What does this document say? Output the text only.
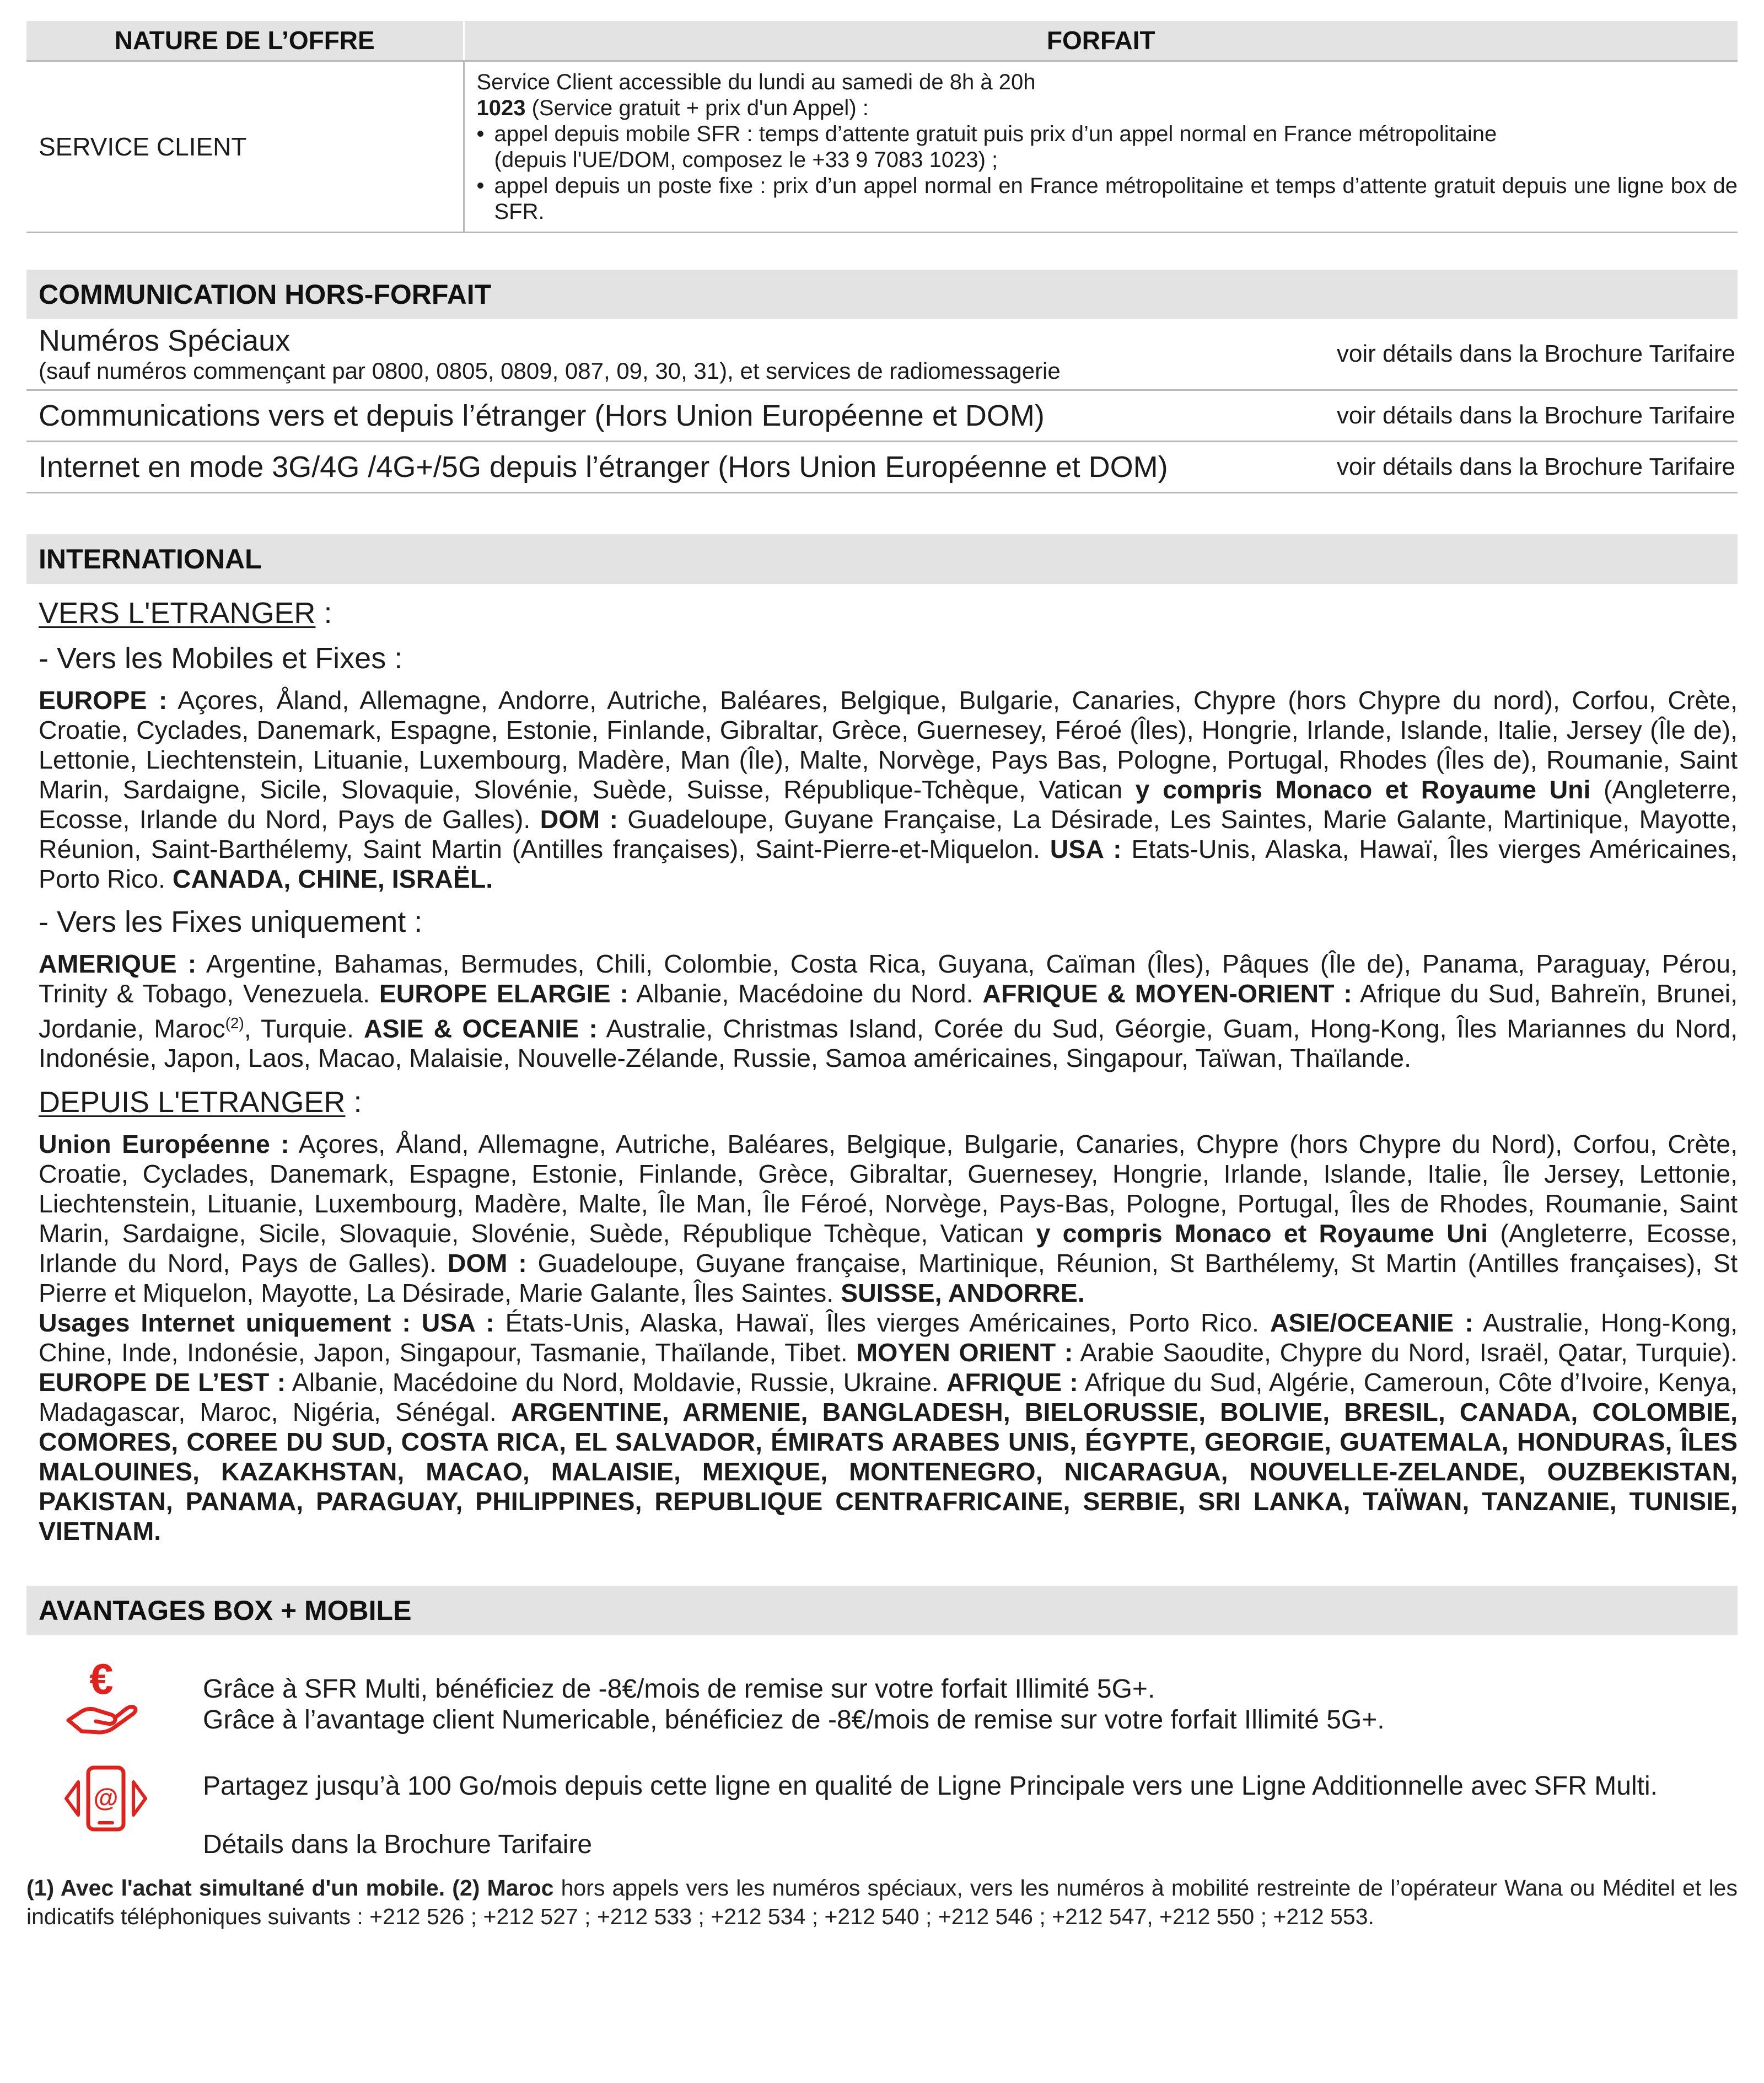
NATURE DE L’OFFRE	FORFAIT
SERVICE CLIENT	Service Client accessible du lundi au samedi de 8h à 20h
1023 (Service gratuit + prix d'un Appel) :
• appel depuis mobile SFR : temps d’attente gratuit puis prix d’un appel normal en France métropolitaine
(depuis l'UE/DOM, composez le +33 9 7083 1023) ;
• appel depuis un poste fixe : prix d’un appel normal en France métropolitaine et temps d’attente gratuit depuis une ligne box de SFR.
COMMUNICATION HORS-FORFAIT
Numéros Spéciaux
(sauf numéros commençant par 0800, 0805, 0809, 087, 09, 30, 31), et services de radiomessagerie
voir détails dans la Brochure Tarifaire
Communications vers et depuis l’étranger (Hors Union Européenne et DOM)	voir détails dans la Brochure Tarifaire
Internet en mode 3G/4G /4G+/5G depuis l’étranger (Hors Union Européenne et DOM)	voir détails dans la Brochure Tarifaire
INTERNATIONAL
VERS L'ETRANGER :
- Vers les Mobiles et Fixes :
EUROPE : Açores, Åland, Allemagne, Andorre, Autriche, Baléares, Belgique, Bulgarie, Canaries, Chypre (hors Chypre du nord), Corfou, Crète, Croatie, Cyclades, Danemark, Espagne, Estonie, Finlande, Gibraltar, Grèce, Guernesey, Féroé (Îles), Hongrie, Irlande, Islande, Italie, Jersey (Île de), Lettonie, Liechtenstein, Lituanie, Luxembourg, Madère, Man (Île), Malte, Norvège, Pays Bas, Pologne, Portugal, Rhodes (Îles de), Roumanie, Saint Marin, Sardaigne, Sicile, Slovaquie, Slovénie, Suède, Suisse, République-Tchèque, Vatican y compris Monaco et Royaume Uni (Angleterre, Ecosse, Irlande du Nord, Pays de Galles). DOM : Guadeloupe, Guyane Française, La Désirade, Les Saintes, Marie Galante, Martinique, Mayotte, Réunion, Saint-Barthélemy, Saint Martin (Antilles françaises), Saint-Pierre-et-Miquelon. USA : Etats-Unis, Alaska, Hawaï, Îles vierges Américaines, Porto Rico. CANADA, CHINE, ISRAËL.
- Vers les Fixes uniquement :
AMERIQUE : Argentine, Bahamas, Bermudes, Chili, Colombie, Costa Rica, Guyana, Caïman (Îles), Pâques (Île de), Panama, Paraguay, Pérou, Trinity & Tobago, Venezuela. EUROPE ELARGIE : Albanie, Macédoine du Nord. AFRIQUE & MOYEN-ORIENT : Afrique du Sud, Bahreïn, Brunei, Jordanie, Maroc$^{(2)}$, Turquie. ASIE & OCEANIE : Australie, Christmas Island, Corée du Sud, Géorgie, Guam, Hong-Kong, Îles Mariannes du Nord, Indonésie, Japon, Laos, Macao, Malaisie, Nouvelle-Zélande, Russie, Samoa américaines, Singapour, Taïwan, Thaïlande.
DEPUIS L'ETRANGER :
Union Européenne : Açores, Åland, Allemagne, Autriche, Baléares, Belgique, Bulgarie, Canaries, Chypre (hors Chypre du Nord), Corfou, Crète, Croatie, Cyclades, Danemark, Espagne, Estonie, Finlande, Grèce, Gibraltar, Guernesey, Hongrie, Irlande, Islande, Italie, Île Jersey, Lettonie, Liechtenstein, Lituanie, Luxembourg, Madère, Malte, Île Man, Île Féroé, Norvège, Pays-Bas, Pologne, Portugal, Îles de Rhodes, Roumanie, Saint Marin, Sardaigne, Sicile, Slovaquie, Slovénie, Suède, République Tchèque, Vatican y compris Monaco et Royaume Uni (Angleterre, Ecosse, Irlande du Nord, Pays de Galles). DOM : Guadeloupe, Guyane française, Martinique, Réunion, St Barthélemy, St Martin (Antilles françaises), St Pierre et Miquelon, Mayotte, La Désirade, Marie Galante, Îles Saintes. SUISSE, ANDORRE.
Usages Internet uniquement : USA : États-Unis, Alaska, Hawaï, Îles vierges Américaines, Porto Rico. ASIE/OCEANIE : Australie, Hong-Kong, Chine, Inde, Indonésie, Japon, Singapour, Tasmanie, Thaïlande, Tibet. MOYEN ORIENT : Arabie Saoudite, Chypre du Nord, Israël, Qatar, Turquie). EUROPE DE L’EST : Albanie, Macédoine du Nord, Moldavie, Russie, Ukraine. AFRIQUE : Afrique du Sud, Algérie, Cameroun, Côte d’Ivoire, Kenya, Madagascar, Maroc, Nigéria, Sénégal. ARGENTINE, ARMENIE, BANGLADESH, BIELORUSSIE, BOLIVIE, BRESIL, CANADA, COLOMBIE, COMORES, COREE DU SUD, COSTA RICA, EL SALVADOR, ÉMIRATS ARABES UNIS, ÉGYPTE, GEORGIE, GUATEMALA, HONDURAS, ÎLES MALOUINES, KAZAKHSTAN, MACAO, MALAISIE, MEXIQUE, MONTENEGRO, NICARAGUA, NOUVELLE-ZELANDE, OUZBEKISTAN, PAKISTAN, PANAMA, PARAGUAY, PHILIPPINES, REPUBLIQUE CENTRAFRICAINE, SERBIE, SRI LANKA, TAÏWAN, TANZANIE, TUNISIE, VIETNAM.
AVANTAGES BOX + MOBILE
€	Grâce à SFR Multi, bénéficiez de -8€/mois de remise sur votre forfait Illimité 5G+.
Grâce à l’avantage client Numericable, bénéficiez de -8€/mois de remise sur votre forfait Illimité 5G+.
@	Partagez jusqu’à 100 Go/mois depuis cette ligne en qualité de Ligne Principale vers une Ligne Additionnelle avec SFR Multi.
Détails dans la Brochure Tarifaire
(1) Avec l'achat simultané d'un mobile. (2) Maroc hors appels vers les numéros spéciaux, vers les numéros à mobilité restreinte de l’opérateur Wana ou Méditel et les indicatifs téléphoniques suivants : +212 526 ; +212 527 ; +212 533 ; +212 534 ; +212 540 ; +212 546 ; +212 547, +212 550 ; +212 553.
